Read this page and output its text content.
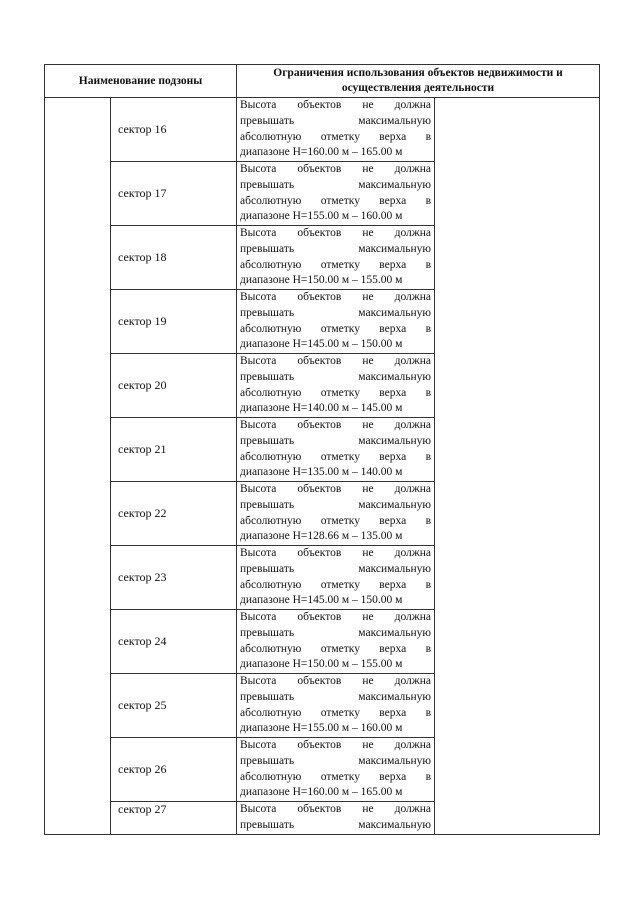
Наименование подзоны		Ограничения использования объектов недвижимости и осуществления деятельности	
	сектор 16	Высота объектов не должна
превышать максимальную
абсолютную отметку верха в
диапазоне Н=160.00 м – 165.00 м	

	сектор 17	Высота объектов не должна
превышать максимальную
абсолютную отметку верха в
диапазоне Н=155.00 м – 160.00 м	

	сектор 18	Высота объектов не должна
превышать максимальную
абсолютную отметку верха в
диапазоне Н=150.00 м – 155.00 м	

	сектор 19	Высота объектов не должна
превышать максимальную
абсолютную отметку верха в
диапазоне Н=145.00 м – 150.00 м	

	сектор 20	Высота объектов не должна
превышать максимальную
абсолютную отметку верха в
диапазоне Н=140.00 м – 145.00 м	

	сектор 21	Высота объектов не должна
превышать максимальную
абсолютную отметку верха в
диапазоне Н=135.00 м – 140.00 м	

	сектор 22	Высота объектов не должна
превышать максимальную
абсолютную отметку верха в
диапазоне Н=128.66 м – 135.00 м	

	сектор 23	Высота объектов не должна
превышать максимальную
абсолютную отметку верха в
диапазоне Н=145.00 м – 150.00 м	

	сектор 24	Высота объектов не должна
превышать максимальную
абсолютную отметку верха в
диапазоне Н=150.00 м – 155.00 м	

	сектор 25	Высота объектов не должна
превышать максимальную
абсолютную отметку верха в
диапазоне Н=155.00 м – 160.00 м	

	сектор 26	Высота объектов не должна
превышать максимальную
абсолютную отметку верха в
диапазоне Н=160.00 м – 165.00 м	

	сектор 27	Высота объектов не должна
превышать максимальную	
